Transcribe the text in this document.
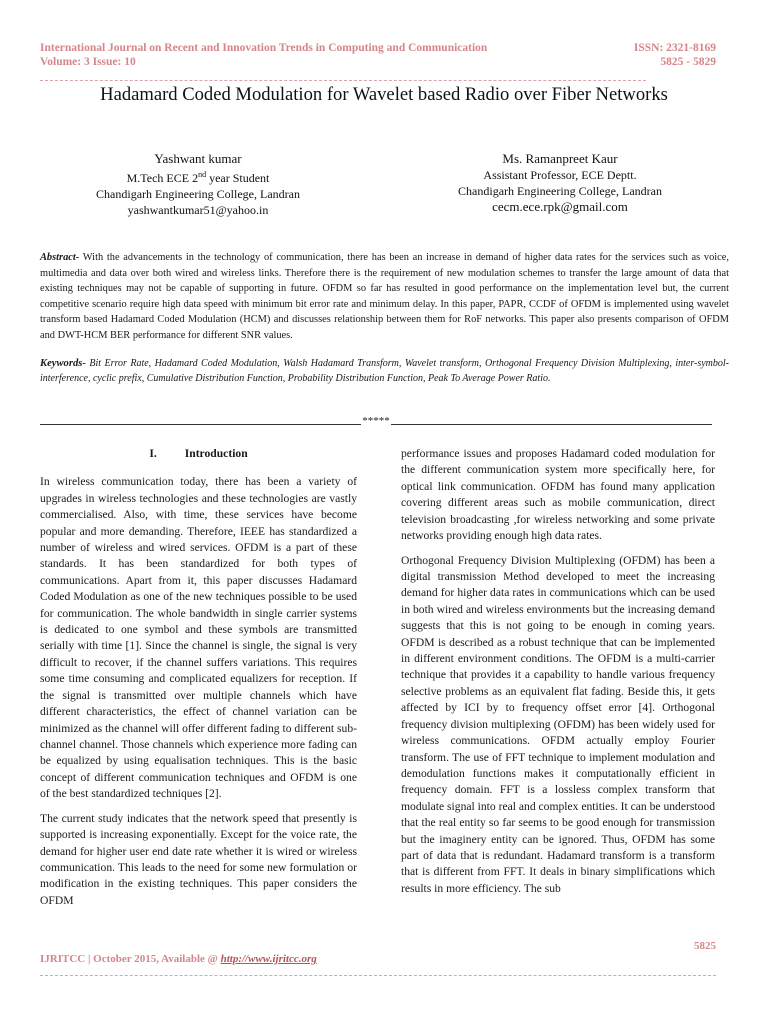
International Journal on Recent and Innovation Trends in Computing and Communication
Volume: 3 Issue: 10
ISSN: 2321-8169
5825 - 5829
Hadamard Coded Modulation for Wavelet based Radio over Fiber Networks
Yashwant kumar
M.Tech ECE 2nd year Student
Chandigarh Engineering College, Landran
yashwantkumar51@yahoo.in
Ms. Ramanpreet Kaur
Assistant Professor, ECE Deptt.
Chandigarh Engineering College, Landran
cecm.ece.rpk@gmail.com
Abstract- With the advancements in the technology of communication, there has been an increase in demand of higher data rates for the services such as voice, multimedia and data over both wired and wireless links. Therefore there is the requirement of new modulation schemes to transfer the large amount of data that existing techniques may not be capable of supporting in future. OFDM so far has resulted in good performance on the implementation level but, the current competitive scenario require high data speed with minimum bit error rate and minimum delay. In this paper, PAPR, CCDF of OFDM is implemented using wavelet transform based Hadamard Coded Modulation (HCM) and discusses relationship between them for RoF networks. This paper also presents comparison of OFDM and DWT-HCM BER performance for different SNR values.
Keywords- Bit Error Rate, Hadamard Coded Modulation, Walsh Hadamard Transform, Wavelet transform, Orthogonal Frequency Division Multiplexing, inter-symbol-interference, cyclic prefix, Cumulative Distribution Function, Probability Distribution Function, Peak To Average Power Ratio.
*****
I. Introduction

In wireless communication today, there has been a variety of upgrades in wireless technologies and these technologies are vastly commercialised. Also, with time, these services have become popular and more demanding. Therefore, IEEE has standardized a number of wireless and wired services. OFDM is a part of these standards. It has been standardized for both types of communications. Apart from it, this paper discusses Hadamard Coded Modulation as one of the new techniques possible to be used for communication. The whole bandwidth in single carrier systems is dedicated to one symbol and these symbols are transmitted serially with time [1]. Since the channel is single, the signal is very difficult to recover, if the channel suffers variations. This requires some time consuming and complicated equalizers for reception. If the signal is transmitted over multiple channels which have different characteristics, the effect of channel variation can be minimized as the channel will offer different fading to different sub-channel channel. Those channels which experience more fading can be equalized by using equalisation techniques. This is the basic concept of different communication techniques and OFDM is one of the best standardized techniques [2].

The current study indicates that the network speed that presently is supported is increasing exponentially. Except for the voice rate, the demand for higher user end date rate whether it is wired or wireless communication. This leads to the need for some new formulation or modification in the existing techniques. This paper considers the OFDM

performance issues and proposes Hadamard coded modulation for the different communication system more specifically here, for optical link communication. OFDM has found many application covering different areas such as mobile communication, direct television broadcasting ,for wireless networking and some private networks providing enough high data rates.

Orthogonal Frequency Division Multiplexing (OFDM) has been a digital transmission Method developed to meet the increasing demand for higher data rates in communications which can be used in both wired and wireless environments but the increasing demand suggests that this is not going to be enough in coming years. OFDM is described as a robust technique that can be implemented in different environment conditions. The OFDM is a multi-carrier technique that provides it a capability to handle various frequency selective problems as an equivalent flat fading. Beside this, it gets affected by ICI by to frequency offset error [4]. Orthogonal frequency division multiplexing (OFDM) has been widely used for wireless communications. OFDM actually employ Fourier transform. The use of FFT technique to implement modulation and demodulation functions makes it computationally efficient in frequency domain. FFT is a lossless complex transform that modulate signal into real and complex entities. It can be understood that the real entity so far seems to be good enough for transmission but the imaginery entity can be ignored. Thus, OFDM has some part of data that is redundant. Hadamard transform is a transform that is different from FFT. It deals in binary simplifications which results in more efficiency. The sub

5825
IJRITCC | October 2015, Available @ http://www.ijritcc.org
